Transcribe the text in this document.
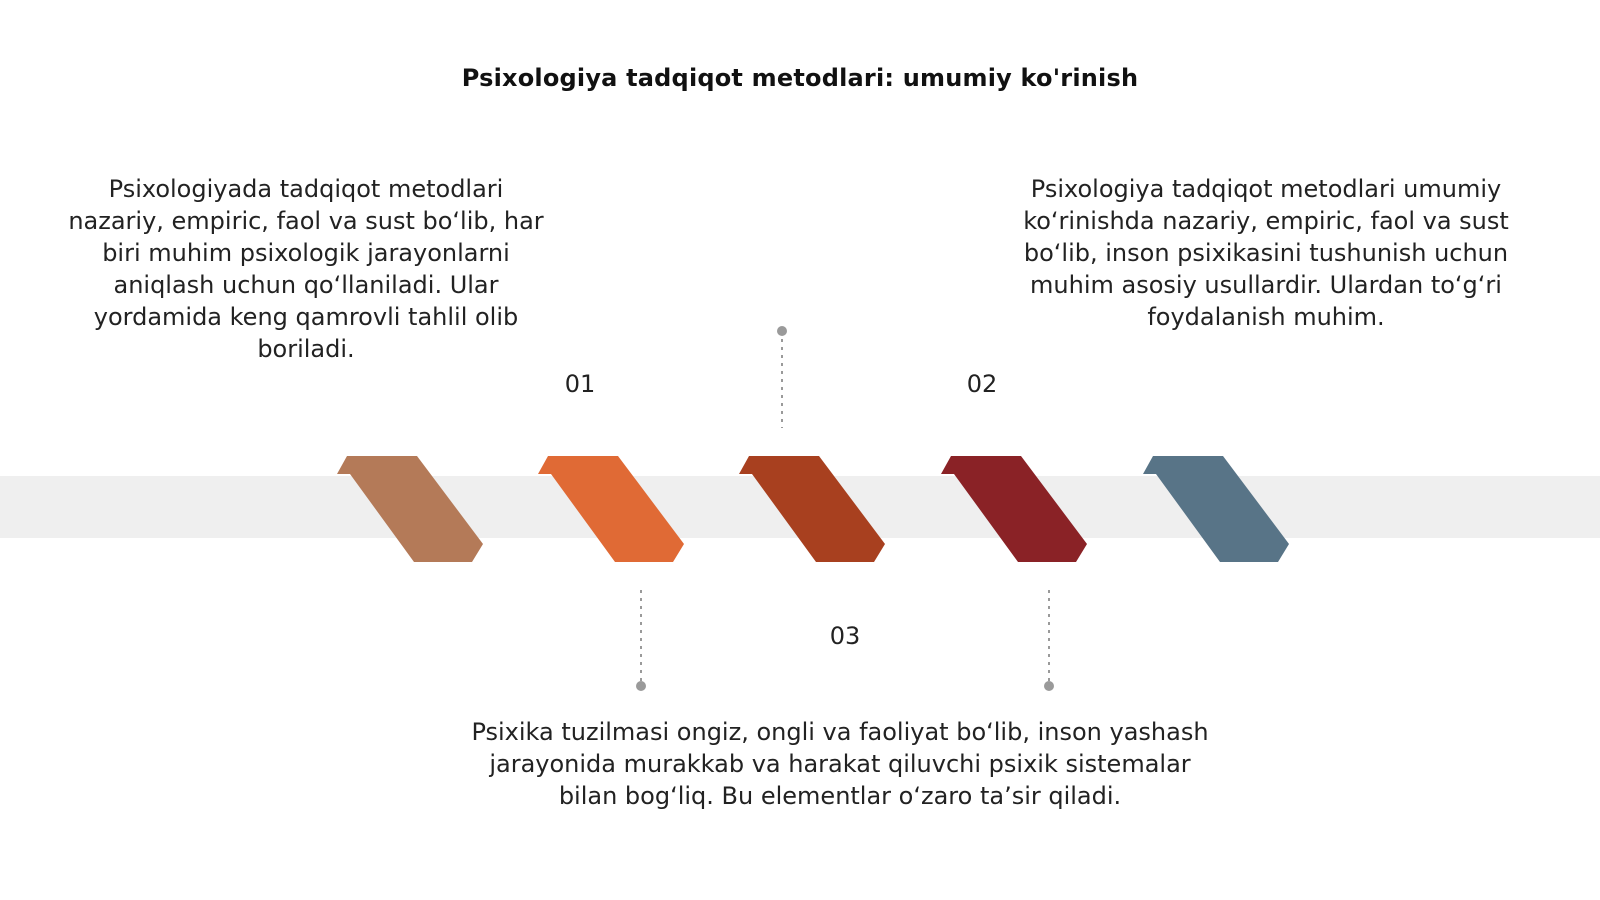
Psixologiya tadqiqot metodlari: umumiy ko'rinish
Psixologiyada tadqiqot metodlari nazariy, empiric, faol va sust bo‘lib, har biri muhim psixologik jarayonlarni aniqlash uchun qo‘llaniladi. Ular yordamida keng qamrovli tahlil olib boriladi.
Psixologiya tadqiqot metodlari umumiy ko‘rinishda nazariy, empiric, faol va sust bo‘lib, inson psixikasini tushunish uchun muhim asosiy usullardir. Ulardan to‘g‘ri foydalanish muhim.
Psixika tuzilmasi ongiz, ongli va faoliyat bo‘lib, inson yashash jarayonida murakkab va harakat qiluvchi psixik sistemalar bilan bog‘liq. Bu elementlar o‘zaro ta’sir qiladi.
01	02
03
